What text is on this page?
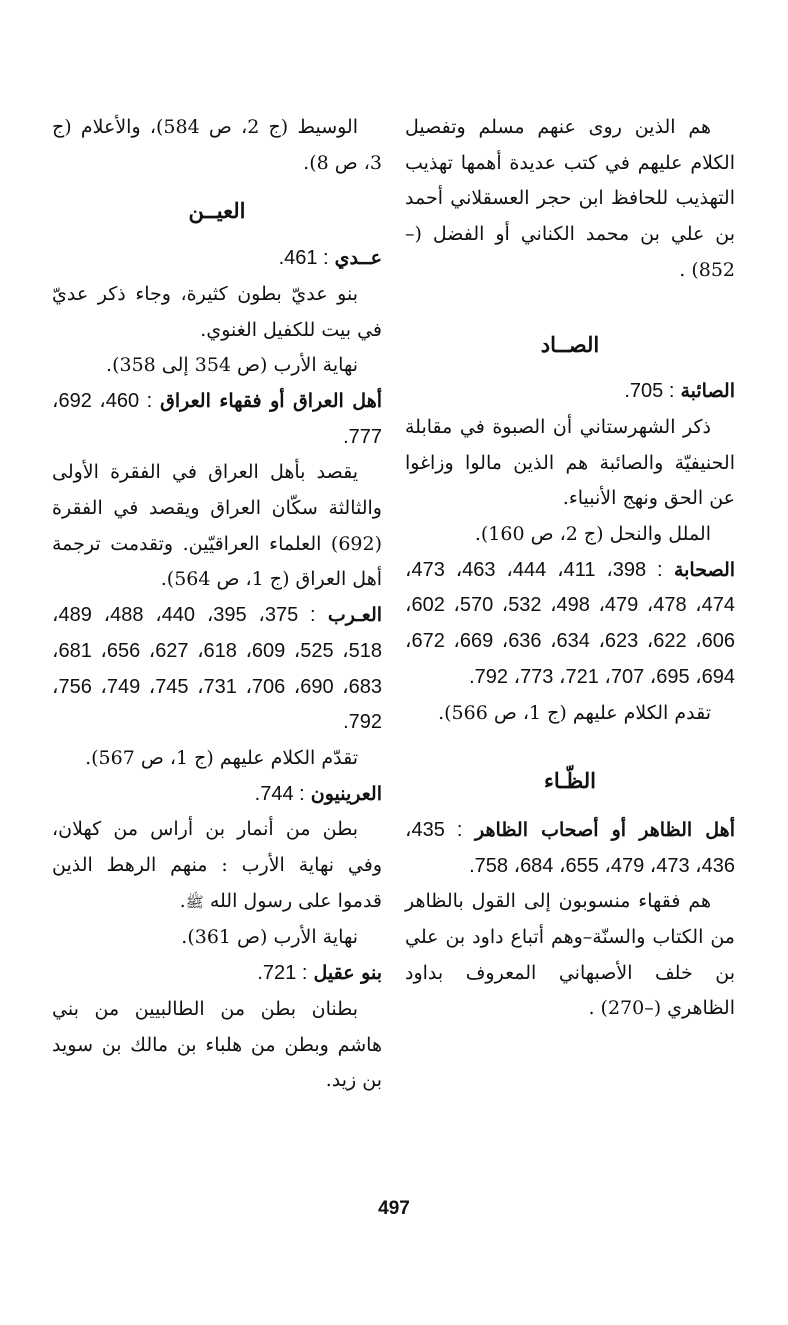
هم الذين روى عنهم مسلم وتفصيل الكلام عليهم في كتب عديدة أهمها تهذيب التهذيب للحافظ ابن حجر العسقلاني أحمد بن علي بن محمد الكناني أو الفضل (–852) .

الصــاد

الصائبة : 705.

ذكر الشهرستاني أن الصبوة في مقابلة الحنيفيّة والصائبة هم الذين مالوا وزاغوا عن الحق ونهج الأنبياء.

الملل والنحل (ج 2، ص 160).

الصحابة : 398، 411، 444، 463، 473، 474، 478، 479، 498، 532، 570، 602، 606، 622، 623، 634، 636، 669، 672، 694، 695، 707، 721، 773، 792.

تقدم الكلام عليهم (ج 1، ص 566).

الظّـاء

أهل الظاهر أو أصحاب الظاهر : 435، 436، 473، 479، 655، 684، 758.

هم فقهاء منسوبون إلى القول بالظاهر من الكتاب والسنّة–وهم أتباع داود بن علي بن خلف الأصبهاني المعروف بداود الظاهري (–270) .

الوسيط (ج 2، ص 584)، والأعلام (ج 3، ص 8).

العيــن

عــدي : 461.

بنو عديّ بطون كثيرة، وجاء ذكر عديّ في بيت للكفيل الغنوي.

نهاية الأرب (ص 354 إلى 358).

أهل العراق أو فقهاء العراق : 460، 692، 777.

يقصد بأهل العراق في الفقرة الأولى والثالثة سكّان العراق ويقصد في الفقرة (692) العلماء العراقيّين. وتقدمت ترجمة أهل العراق (ج 1، ص 564).

العـرب : 375، 395، 440، 488، 489، 518، 525، 609، 618، 627، 656، 681، 683، 690، 706، 731، 745، 749، 756، 792.

تقدّم الكلام عليهم (ج 1، ص 567).

العرينيون : 744.

بطن من أنمار بن أراس من كهلان، وفي نهاية الأرب : منهم الرهط الذين قدموا على رسول الله ﷺ.

نهاية الأرب (ص 361).

بنو عقيل : 721.

بطنان بطن من الطالبيين من بني هاشم وبطن من هلباء بن مالك بن سويد بن زيد.

497
